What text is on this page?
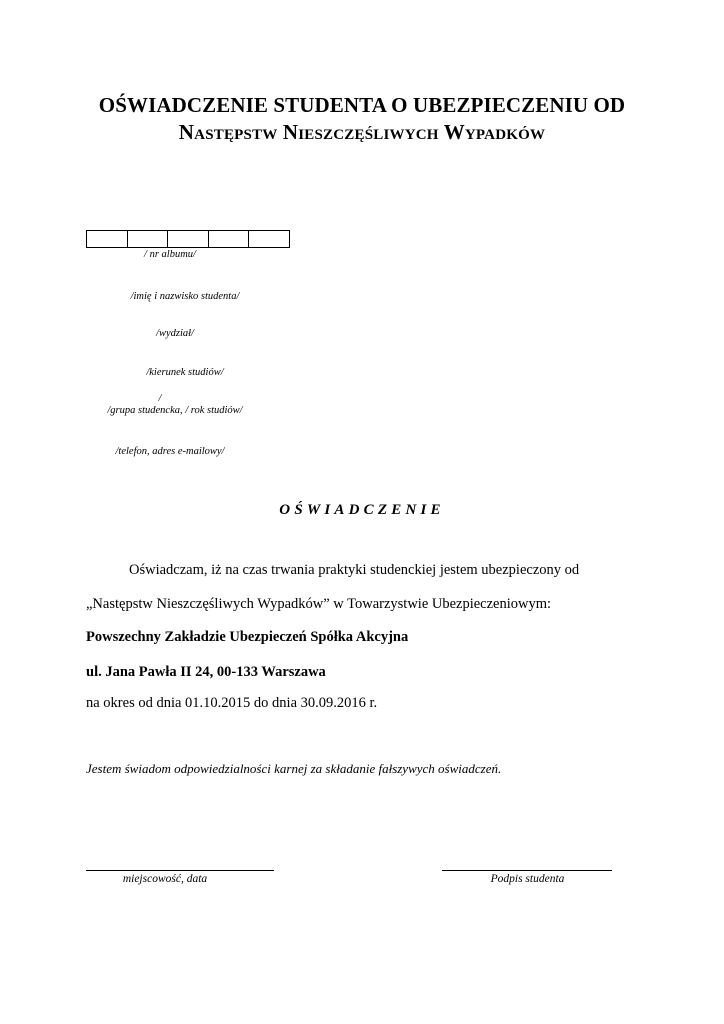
OŚWIADCZENIE STUDENTA O UBEZPIECZENIU OD
Następstw Nieszczęśliwych Wypadków
/ nr albumu/
/imię i nazwisko studenta/
/wydział/
/kierunek studiów/
/
/grupa studencka, / rok studiów/
/telefon, adres e-mailowy/
OŚWIADCZENIE
Oświadczam, iż na czas trwania praktyki studenckiej jestem ubezpieczony od
„Następstw Nieszczęśliwych Wypadków” w Towarzystwie Ubezpieczeniowym:
Powszechny Zakładzie Ubezpieczeń Spółka Akcyjna
ul. Jana Pawła II 24, 00-133 Warszawa
na okres od dnia 01.10.2015 do dnia 30.09.2016 r.
Jestem świadom odpowiedzialności karnej za składanie fałszywych oświadczeń.
miejscowość, data	Podpis studenta
